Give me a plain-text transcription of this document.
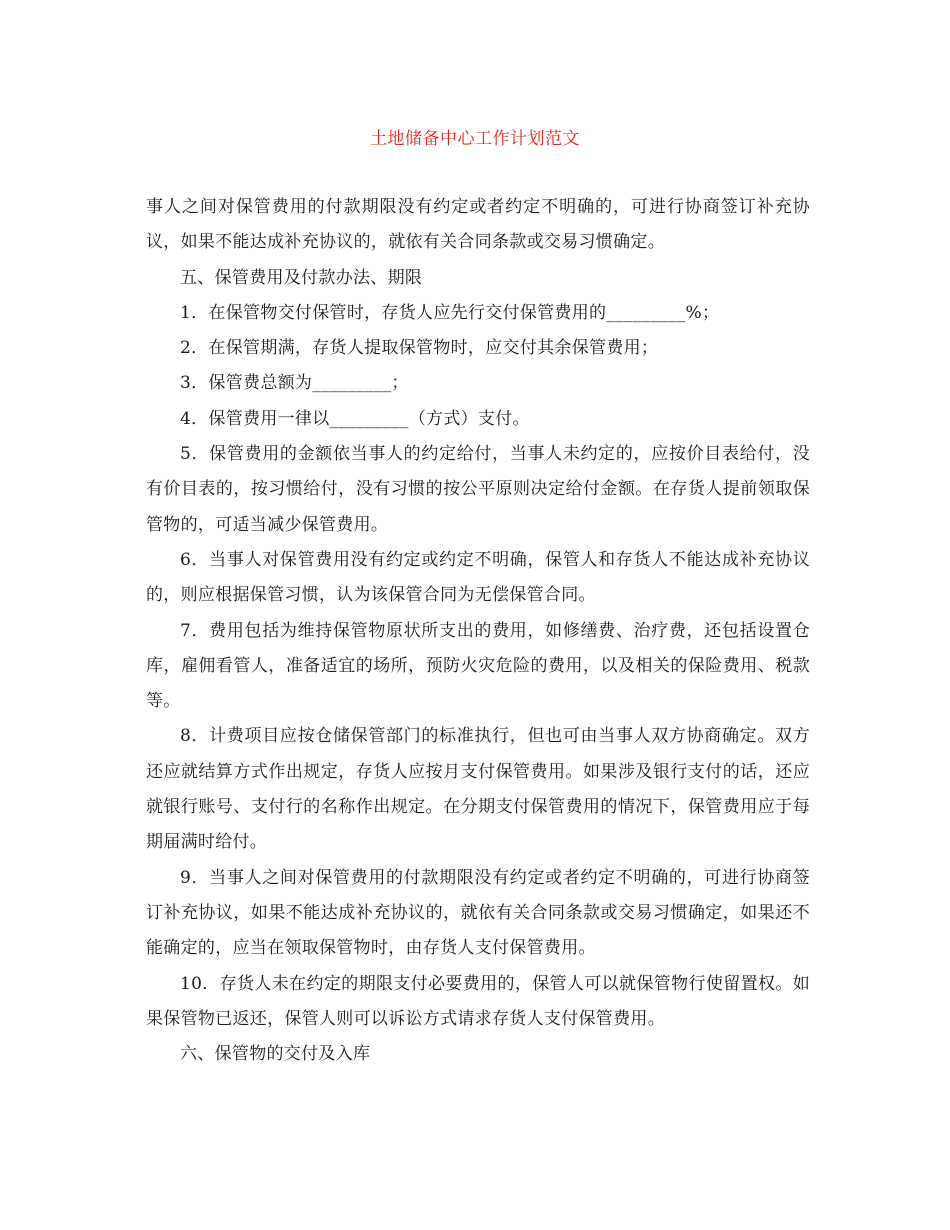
土地储备中心工作计划范文

事人之间对保管费用的付款期限没有约定或者约定不明确的，可进行协商签订补充协议，如果不能达成补充协议的，就依有关合同条款或交易习惯确定。

五、保管费用及付款办法、期限

1．在保管物交付保管时，存货人应先行交付保管费用的_________%；

2．在保管期满，存货人提取保管物时，应交付其余保管费用；

3．保管费总额为_________；

4．保管费用一律以_________（方式）支付。

5．保管费用的金额依当事人的约定给付，当事人未约定的，应按价目表给付，没有价目表的，按习惯给付，没有习惯的按公平原则决定给付金额。在存货人提前领取保管物的，可适当减少保管费用。

6．当事人对保管费用没有约定或约定不明确，保管人和存货人不能达成补充协议的，则应根据保管习惯，认为该保管合同为无偿保管合同。

7．费用包括为维持保管物原状所支出的费用，如修缮费、治疗费，还包括设置仓库，雇佣看管人，准备适宜的场所，预防火灾危险的费用，以及相关的保险费用、税款等。

8．计费项目应按仓储保管部门的标准执行，但也可由当事人双方协商确定。双方还应就结算方式作出规定，存货人应按月支付保管费用。如果涉及银行支付的话，还应就银行账号、支付行的名称作出规定。在分期支付保管费用的情况下，保管费用应于每期届满时给付。

9．当事人之间对保管费用的付款期限没有约定或者约定不明确的，可进行协商签订补充协议，如果不能达成补充协议的，就依有关合同条款或交易习惯确定，如果还不能确定的，应当在领取保管物时，由存货人支付保管费用。

10．存货人未在约定的期限支付必要费用的，保管人可以就保管物行使留置权。如果保管物已返还，保管人则可以诉讼方式请求存货人支付保管费用。

六、保管物的交付及入库
